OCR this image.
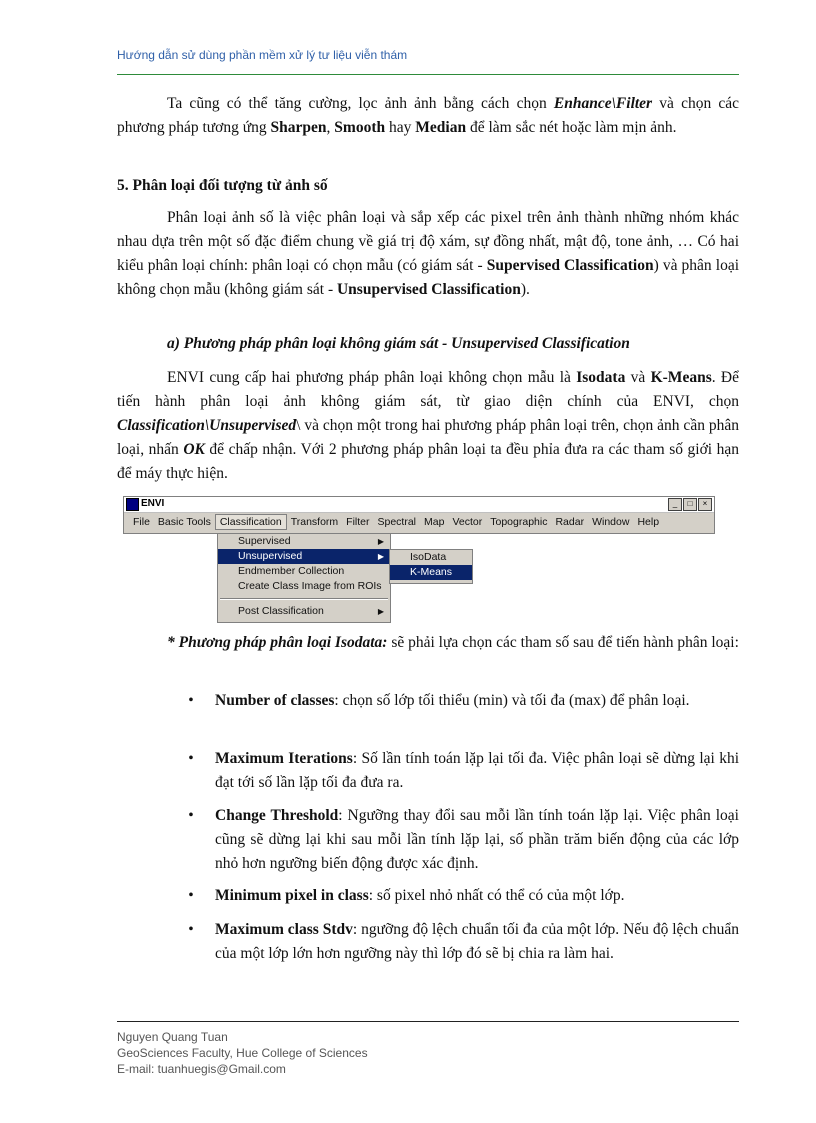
Hướng dẫn sử dùng phần mềm xử lý tư liệu viễn thám

Ta cũng có thể tăng cường, lọc ảnh ảnh bằng cách chọn Enhance\Filter và chọn các phương pháp tương ứng Sharpen, Smooth hay Median để làm sắc nét hoặc làm mịn ảnh.

5. Phân loại đối tượng từ ảnh số

Phân loại ảnh số là việc phân loại và sắp xếp các pixel trên ảnh thành những nhóm khác nhau dựa trên một số đặc điểm chung về giá trị độ xám, sự đồng nhất, mật độ, tone ảnh, … Có hai kiểu phân loại chính: phân loại có chọn mẫu (có giám sát - Supervised Classification) và phân loại không chọn mẫu (không giám sát - Unsupervised Classification).

a) Phương pháp phân loại không giám sát - Unsupervised Classification

ENVI cung cấp hai phương pháp phân loại không chọn mẫu là Isodata và K-Means. Để tiến hành phân loại ảnh không giám sát, từ giao diện chính của ENVI, chọn Classification\Unsupervised\ và chọn một trong hai phương pháp phân loại trên, chọn ảnh cần phân loại, nhấn OK để chấp nhận. Với 2 phương pháp phân loại ta đều phỉa đưa ra các tham số giới hạn để máy thực hiện.

ENVI	_	□	×
File Basic Tools Classification Transform Filter Spectral Map Vector Topographic Radar Window Help
Supervised	▶
Unsupervised	▶
Endmember Collection
Create Class Image from ROIs
Post Classification	▶
IsoData
K-Means

* Phương pháp phân loại Isodata: sẽ phải lựa chọn các tham số sau để tiến hành phân loại:

•	Number of classes: chọn số lớp tối thiểu (min) và tối đa (max) để phân loại.
•	Maximum Iterations: Số lần tính toán lặp lại tối đa. Việc phân loại sẽ dừng lại khi đạt tới số lần lặp tối đa đưa ra.
•	Change Threshold: Ngưỡng thay đổi sau mỗi lần tính toán lặp lại. Việc phân loại cũng sẽ dừng lại khi sau mỗi lần tính lặp lại, số phần trăm biến động của các lớp nhỏ hơn ngưỡng biến động được xác định.
•	Minimum pixel in class: số pixel nhỏ nhất có thể có của một lớp.
•	Maximum class Stdv: ngưỡng độ lệch chuẩn tối đa của một lớp. Nếu độ lệch chuẩn của một lớp lớn hơn ngưỡng này thì lớp đó sẽ bị chia ra làm hai.
Nguyen Quang Tuan
GeoSciences Faculty, Hue College of Sciences
E-mail: tuanhuegis@Gmail.com
